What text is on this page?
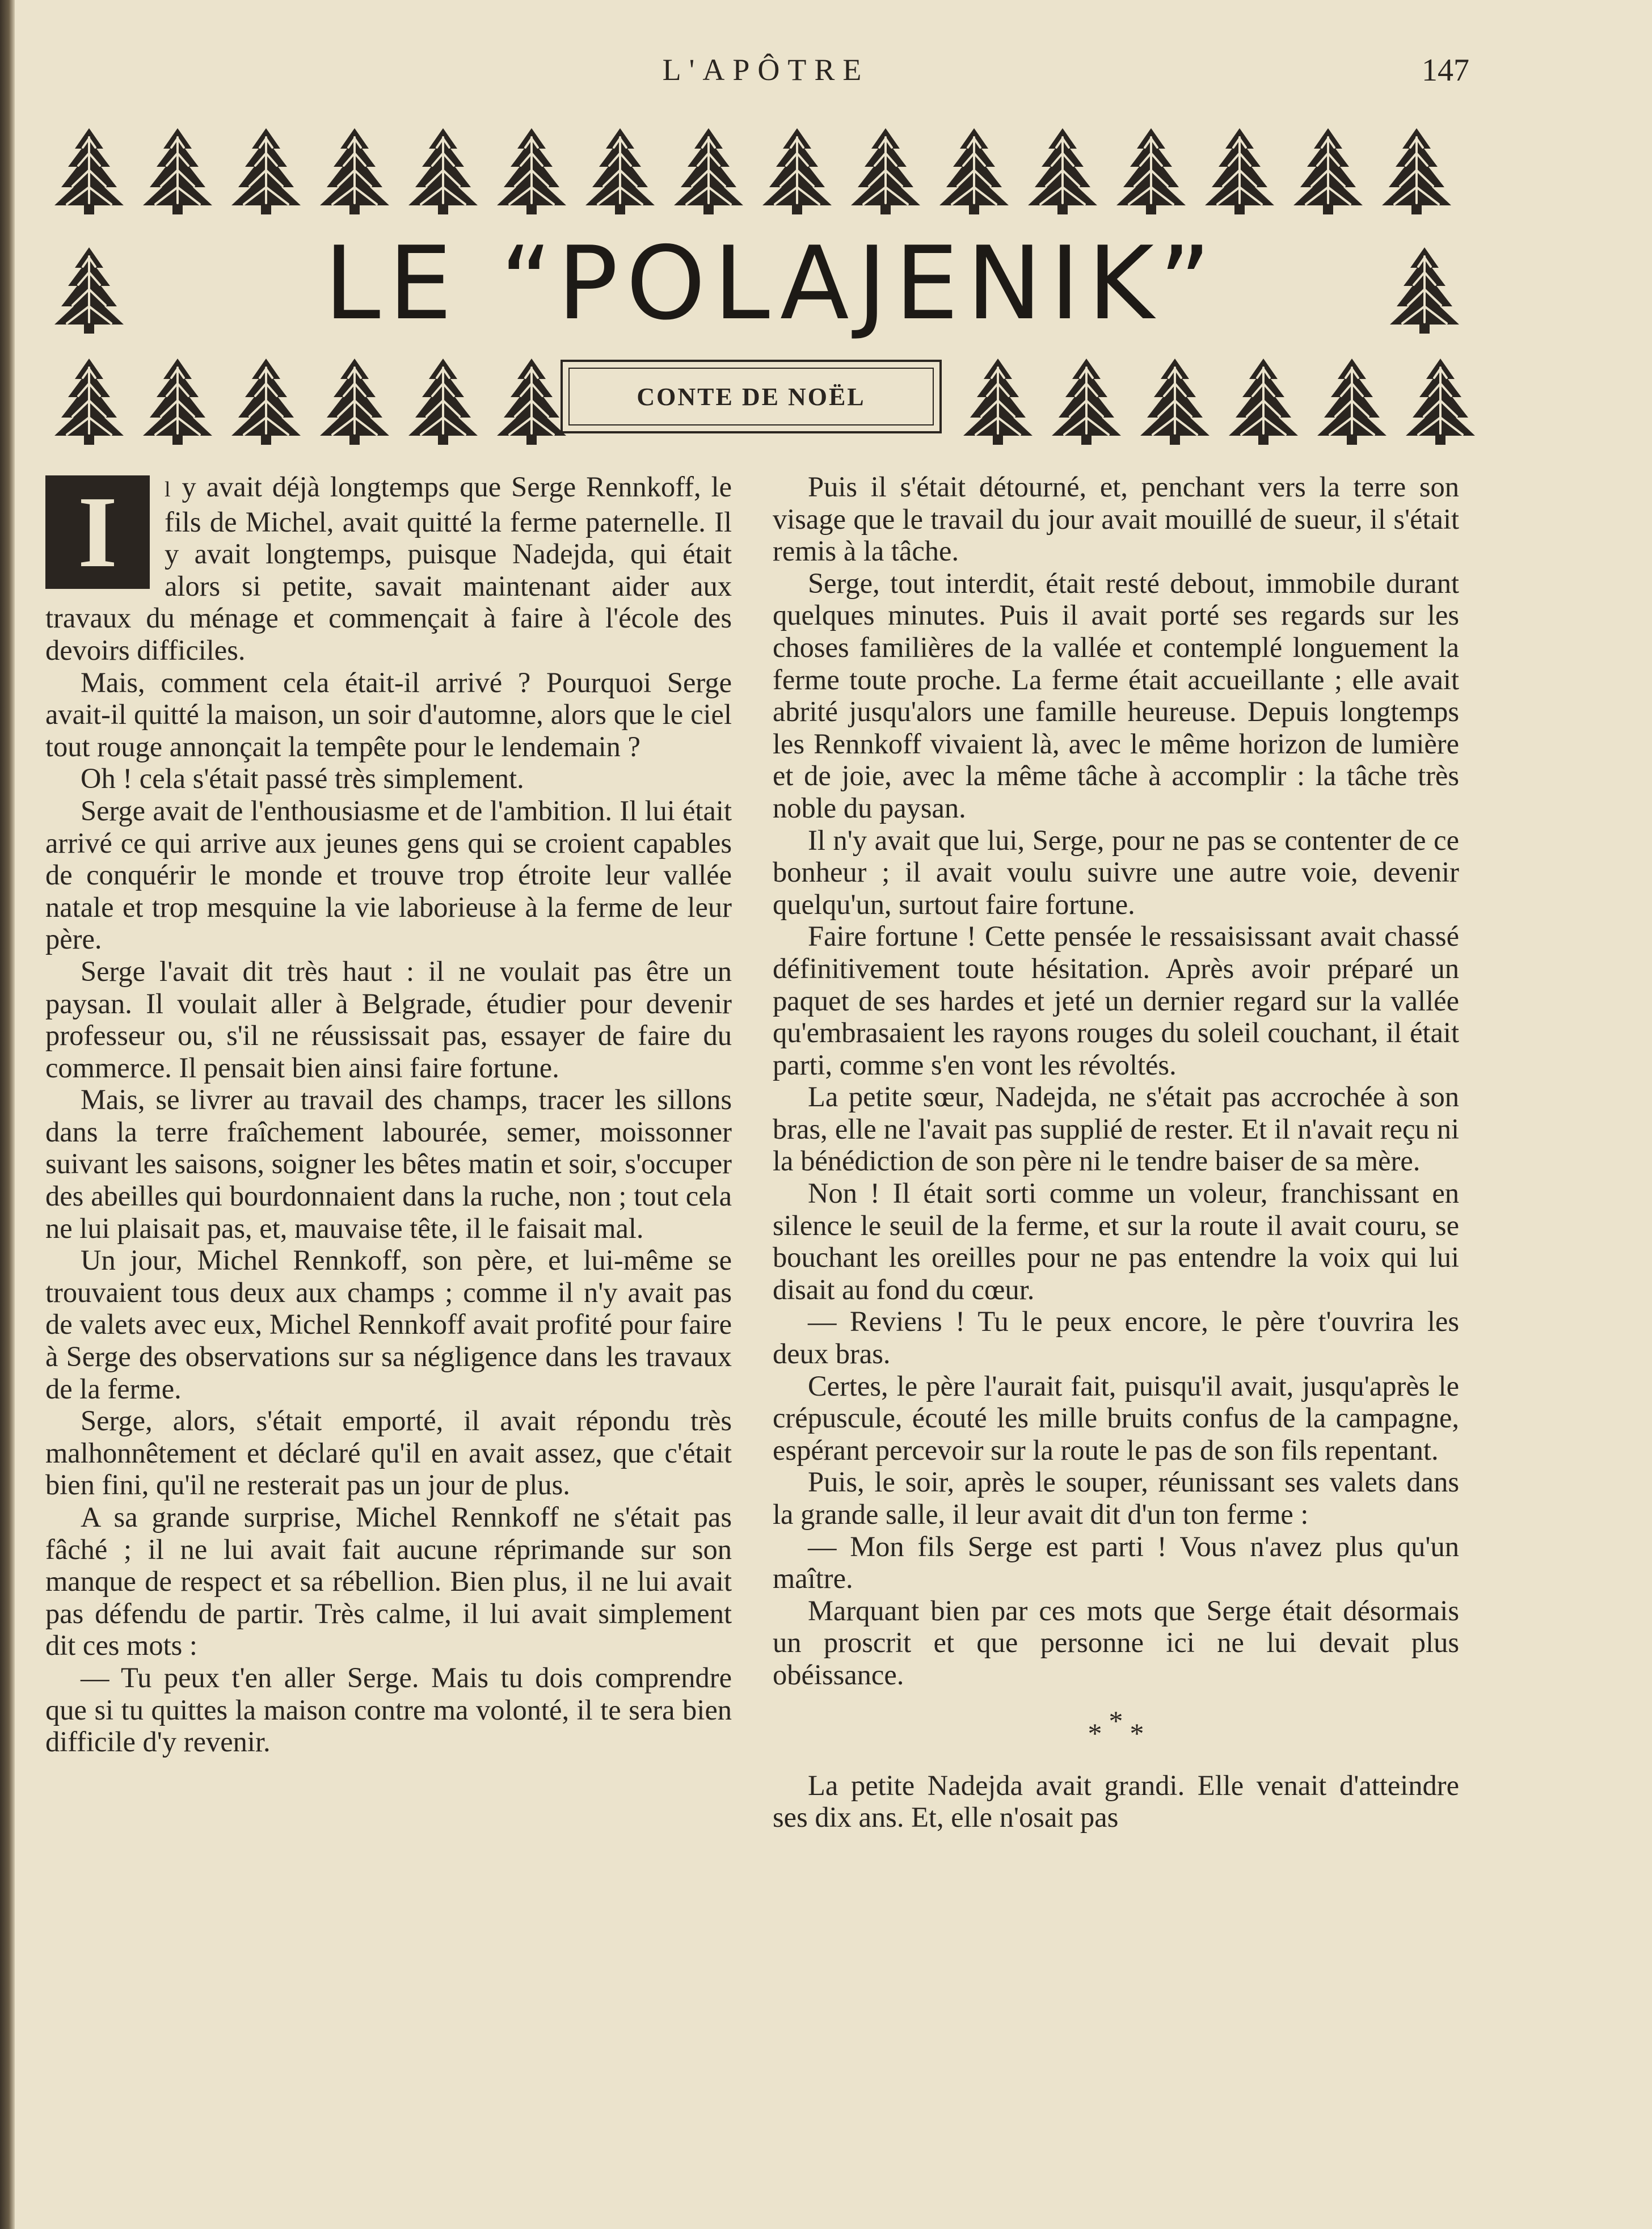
L'APÔTRE	147
LE “POLAJENIK”
CONTE DE NOËL
I	l y avait déjà longtemps que Serge Rennkoff, le fils de Michel, avait quitté la ferme paternelle. Il y avait longtemps, puisque Nadejda, qui était alors si petite, savait maintenant aider aux travaux du ménage et commençait à faire à l'école des devoirs difficiles.

Mais, comment cela était-il arrivé ? Pourquoi Serge avait-il quitté la maison, un soir d'automne, alors que le ciel tout rouge annonçait la tempête pour le lendemain ?

Oh ! cela s'était passé très simplement.

Serge avait de l'enthousiasme et de l'ambition. Il lui était arrivé ce qui arrive aux jeunes gens qui se croient capables de conquérir le monde et trouve trop étroite leur vallée natale et trop mesquine la vie laborieuse à la ferme de leur père.

Serge l'avait dit très haut : il ne voulait pas être un paysan. Il voulait aller à Belgrade, étudier pour devenir professeur ou, s'il ne réussissait pas, essayer de faire du commerce. Il pensait bien ainsi faire fortune.

Mais, se livrer au travail des champs, tracer les sillons dans la terre fraîchement labourée, semer, moissonner suivant les saisons, soigner les bêtes matin et soir, s'occuper des abeilles qui bourdonnaient dans la ruche, non ; tout cela ne lui plaisait pas, et, mauvaise tête, il le faisait mal.

Un jour, Michel Rennkoff, son père, et lui-même se trouvaient tous deux aux champs ; comme il n'y avait pas de valets avec eux, Michel Rennkoff avait profité pour faire à Serge des observations sur sa négligence dans les travaux de la ferme.

Serge, alors, s'était emporté, il avait répondu très malhonnêtement et déclaré qu'il en avait assez, que c'était bien fini, qu'il ne resterait pas un jour de plus.

A sa grande surprise, Michel Rennkoff ne s'était pas fâché ; il ne lui avait fait aucune réprimande sur son manque de respect et sa rébellion. Bien plus, il ne lui avait pas défendu de partir. Très calme, il lui avait simplement dit ces mots :

— Tu peux t'en aller Serge. Mais tu dois comprendre que si tu quittes la maison contre ma volonté, il te sera bien difficile d'y revenir.

Puis il s'était détourné, et, penchant vers la terre son visage que le travail du jour avait mouillé de sueur, il s'était remis à la tâche.

Serge, tout interdit, était resté debout, immobile durant quelques minutes. Puis il avait porté ses regards sur les choses familières de la vallée et contemplé longuement la ferme toute proche. La ferme était accueillante ; elle avait abrité jusqu'alors une famille heureuse. Depuis longtemps les Rennkoff vivaient là, avec le même horizon de lumière et de joie, avec la même tâche à accomplir : la tâche très noble du paysan.

Il n'y avait que lui, Serge, pour ne pas se contenter de ce bonheur ; il avait voulu suivre une autre voie, devenir quelqu'un, surtout faire fortune.

Faire fortune ! Cette pensée le ressaisissant avait chassé définitivement toute hésitation. Après avoir préparé un paquet de ses hardes et jeté un dernier regard sur la vallée qu'embrasaient les rayons rouges du soleil couchant, il était parti, comme s'en vont les révoltés.

La petite sœur, Nadejda, ne s'était pas accrochée à son bras, elle ne l'avait pas supplié de rester. Et il n'avait reçu ni la bénédiction de son père ni le tendre baiser de sa mère.

Non ! Il était sorti comme un voleur, franchissant en silence le seuil de la ferme, et sur la route il avait couru, se bouchant les oreilles pour ne pas entendre la voix qui lui disait au fond du cœur.

— Reviens ! Tu le peux encore, le père t'ouvrira les deux bras.

Certes, le père l'aurait fait, puisqu'il avait, jusqu'après le crépuscule, écouté les mille bruits confus de la campagne, espérant percevoir sur la route le pas de son fils repentant.

Puis, le soir, après le souper, réunissant ses valets dans la grande salle, il leur avait dit d'un ton ferme :

— Mon fils Serge est parti ! Vous n'avez plus qu'un maître.

Marquant bien par ces mots que Serge était désormais un proscrit et que personne ici ne lui devait plus obéissance.

* * *

La petite Nadejda avait grandi. Elle venait d'atteindre ses dix ans. Et, elle n'osait pas
